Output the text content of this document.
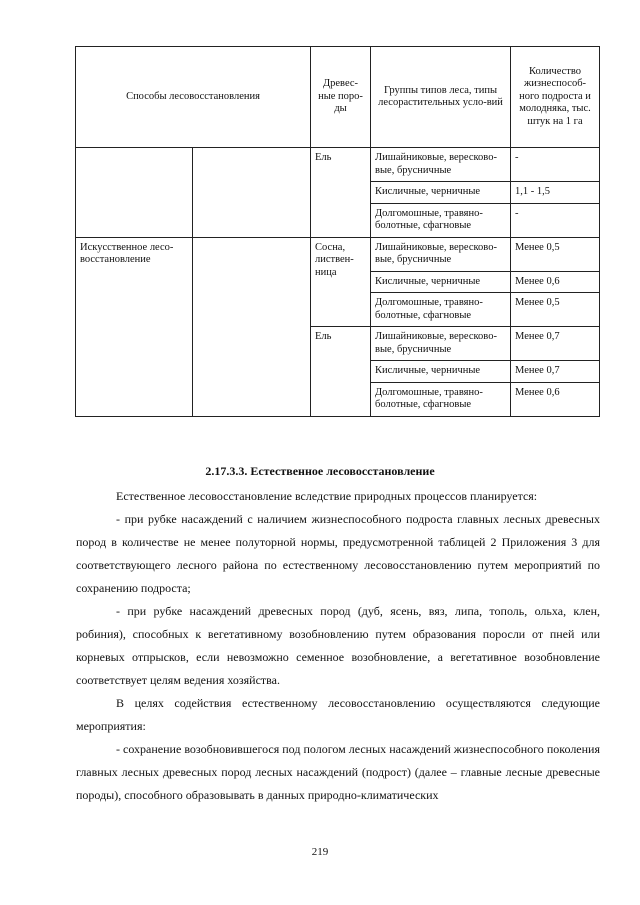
Способы лесовосстановления		Древес-ные поро-ды	Группы типов леса, типы лесорастительных усло-вий	Количество жизнеспособ-ного подроста и молодняка, тыс. штук на 1 га
		Ель	Лишайниковые, вересково-вые, брусничные	-
			Кисличные, черничные	1,1 - 1,5
			Долгомошные, травяно-болотные, сфагновые	-
Искусственное лесо-восстановление		Сосна, листвен-ница	Лишайниковые, вересково-вые, брусничные	Менее 0,5
			Кисличные, черничные	Менее 0,6
			Долгомошные, травяно-болотные, сфагновые	Менее 0,5
		Ель	Лишайниковые, вересково-вые, брусничные	Менее 0,7
			Кисличные, черничные	Менее 0,7
			Долгомошные, травяно-болотные, сфагновые	Менее 0,6
2.17.3.3. Естественное лесовосстановление

Естественное лесовосстановление вследствие природных процессов планируется:

- при рубке насаждений с наличием жизнеспособного подроста главных лесных древесных пород в количестве не менее полуторной нормы, предусмотренной таблицей 2 Приложения 3 для соответствующего лесного района по естественному лесовосстановлению путем мероприятий по сохранению подроста;

- при рубке насаждений древесных пород (дуб, ясень, вяз, липа, тополь, ольха, клен, робиния), способных к вегетативному возобновлению путем образования поросли от пней или корневых отпрысков, если невозможно семенное возобновление, а вегетативное возобновление соответствует целям ведения хозяйства.

В целях содействия естественному лесовосстановлению осуществляются следующие мероприятия:

- сохранение возобновившегося под пологом лесных насаждений жизнеспособного поколения главных лесных древесных пород лесных насаждений (подрост) (далее – главные лесные древесные породы), способного образовывать в данных природно-климатических

219
